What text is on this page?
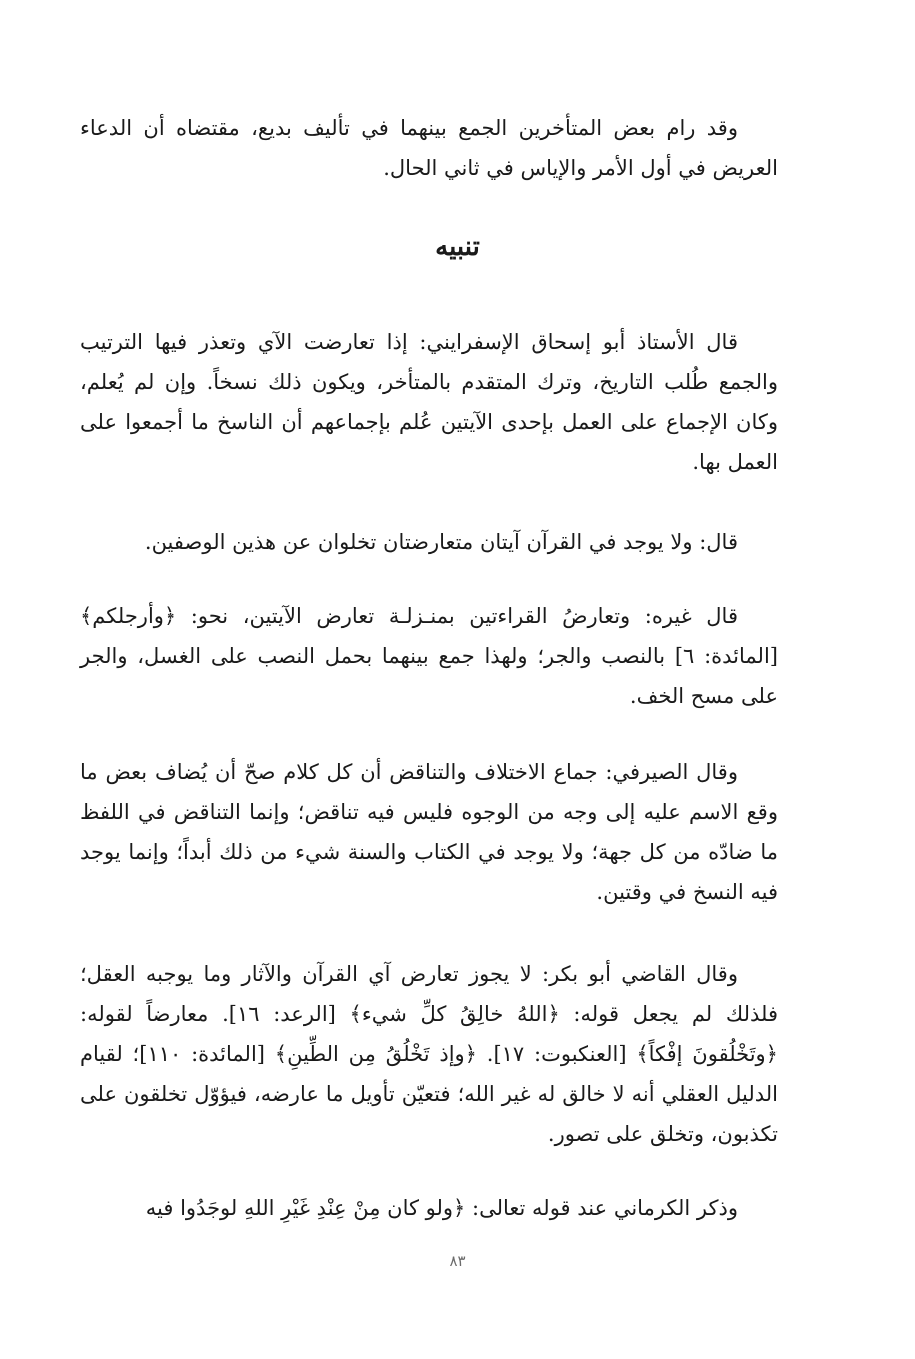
وقد رام بعض المتأخرين الجمع بينهما في تأليف بديع، مقتضاه أن الدعاء العريض في أول الأمر والإياس في ثاني الحال.

تنبيه

قال الأستاذ أبو إسحاق الإسفرايني: إذا تعارضت الآي وتعذر فيها الترتيب والجمع طُلب التاريخ، وترك المتقدم بالمتأخر، ويكون ذلك نسخاً. وإن لم يُعلم، وكان الإجماع على العمل بإحدى الآيتين عُلم بإجماعهم أن الناسخ ما أجمعوا على العمل بها.

قال: ولا يوجد في القرآن آيتان متعارضتان تخلوان عن هذين الوصفين.

قال غيره: وتعارضُ القراءتين بمنـزلـة تعارض الآيتين، نحو: ﴿وأرجلكم﴾ [المائدة: ٦] بالنصب والجر؛ ولهذا جمع بينهما بحمل النصب على الغسل، والجر على مسح الخف.

وقال الصيرفي: جماع الاختلاف والتناقض أن كل كلام صحّ أن يُضاف بعض ما وقع الاسم عليه إلى وجه من الوجوه فليس فيه تناقض؛ وإنما التناقض في اللفظ ما ضادّه من كل جهة؛ ولا يوجد في الكتاب والسنة شيء من ذلك أبداً؛ وإنما يوجد فيه النسخ في وقتين.

وقال القاضي أبو بكر: لا يجوز تعارض آي القرآن والآثار وما يوجبه العقل؛ فلذلك لم يجعل قوله: ﴿اللهُ خالِقُ كلِّ شيء﴾ [الرعد: ١٦]. معارضاً لقوله: ﴿وتَخْلُقونَ إفْكاً﴾ [العنكبوت: ١٧]. ﴿وإذ تَخْلُقُ مِن الطِّينِ﴾ [المائدة: ١١٠]؛ لقيام الدليل العقلي أنه لا خالق له غير الله؛ فتعيّن تأويل ما عارضه، فيؤوّل تخلقون على تكذبون، وتخلق على تصور.

وذكر الكرماني عند قوله تعالى: ﴿ولو كان مِنْ عِنْدِ غَيْرِ اللهِ لوجَدُوا فيه

٨٣
